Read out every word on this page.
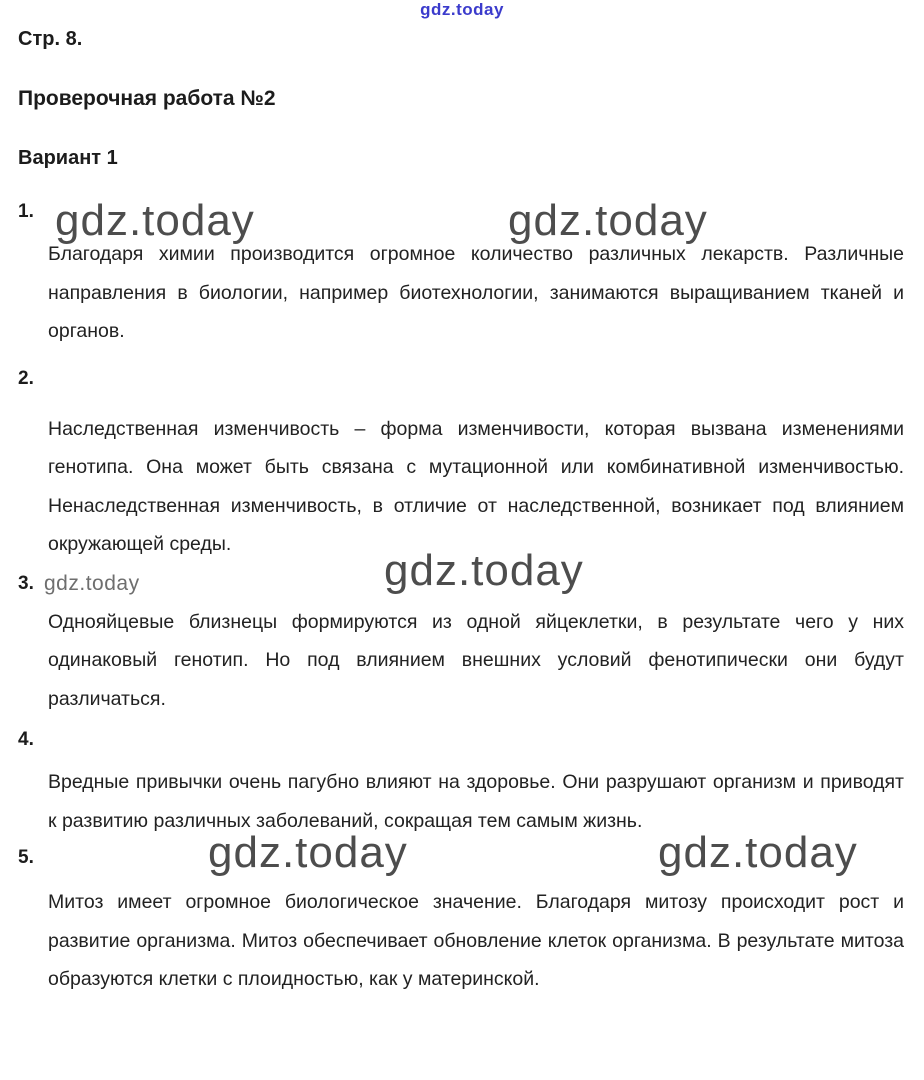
gdz.today
gdz.today	gdz.today
gdz.today	gdz.today
gdz.today	gdz.today
Стр. 8.
Проверочная работа №2
Вариант 1
1.

Благодаря химии производится огромное количество различных лекарств. Различные направления в биологии, например биотехнологии, занимаются выращиванием тканей и органов.

2.

Наследственная изменчивость – форма изменчивости, которая вызвана изменениями генотипа. Она может быть связана с мутационной или комбинативной изменчивостью. Ненаследственная изменчивость, в отличие от наследственной, возникает под влиянием окружающей среды.

3.

Однояйцевые близнецы формируются из одной яйцеклетки, в результате чего у них одинаковый генотип. Но под влиянием внешних условий фенотипически они будут различаться.

4.

Вредные привычки очень пагубно влияют на здоровье. Они разрушают организм и приводят к развитию различных заболеваний, сокращая тем самым жизнь.

5.

Митоз имеет огромное биологическое значение. Благодаря митозу происходит рост и развитие организма. Митоз обеспечивает обновление клеток организма. В результате митоза образуются клетки с плоидностью, как у материнской.
